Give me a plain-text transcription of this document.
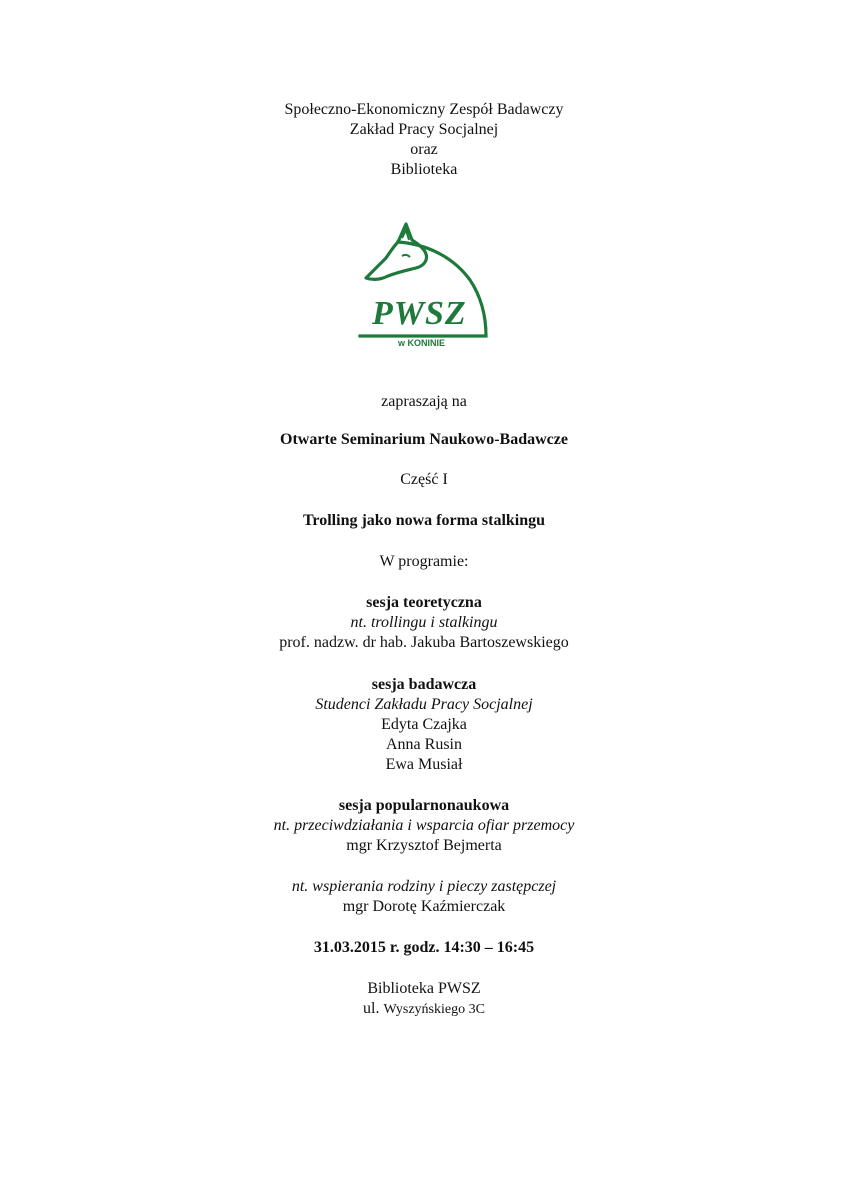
Społeczno-Ekonomiczny Zespół Badawczy
Zakład Pracy Socjalnej
oraz
Biblioteka
PWSZ
w KONINIE
zapraszają na
Otwarte Seminarium Naukowo-Badawcze
Część I
Trolling jako nowa forma stalkingu
W programie:
sesja teoretyczna
nt. trollingu i stalkingu
prof. nadzw. dr hab. Jakuba Bartoszewskiego
sesja badawcza
Studenci Zakładu Pracy Socjalnej
Edyta Czajka
Anna Rusin
Ewa Musiał
sesja popularnonaukowa
nt. przeciwdziałania i wsparcia ofiar przemocy
mgr Krzysztof Bejmerta
nt. wspierania rodziny i pieczy zastępczej
mgr Dorotę Kaźmierczak
31.03.2015 r. godz. 14:30 – 16:45
Biblioteka PWSZ
ul. Wyszyńskiego 3C
